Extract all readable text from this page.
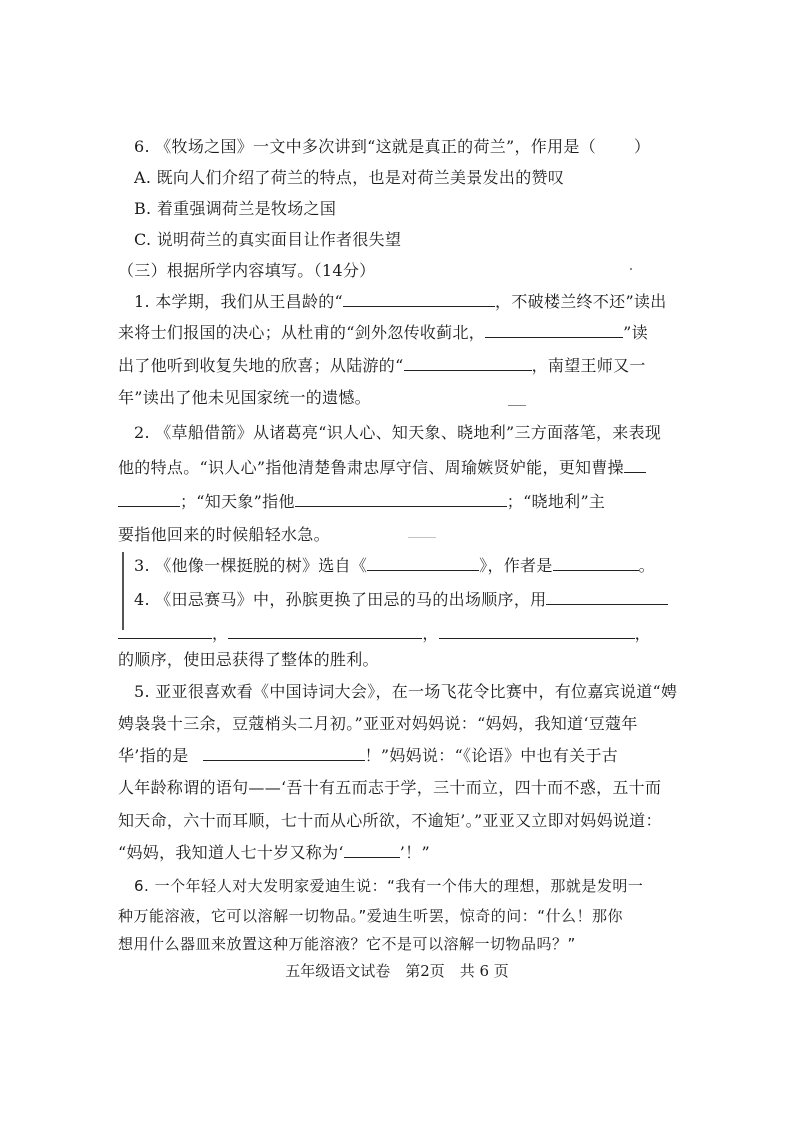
6. 《牧场之国》一文中多次讲到“这就是真正的荷兰”，作用是（ ）
A. 既向人们介绍了荷兰的特点，也是对荷兰美景发出的赞叹
B. 着重强调荷兰是牧场之国
C. 说明荷兰的真实面目让作者很失望
（三）根据所学内容填写。（14分）
1. 本学期，我们从王昌龄的“	，不破楼兰终不还”读出
来将士们报国的决心；从杜甫的“剑外忽传收蓟北，	”读
出了他听到收复失地的欣喜；从陆游的“	，南望王师又一
年”读出了他未见国家统一的遗憾。
2. 《草船借箭》从诸葛亮“识人心、知天象、晓地利”三方面落笔，来表现
他的特点。“识人心”指他清楚鲁肃忠厚守信、周瑜嫉贤妒能，更知曹操
；“知天象”指他	；“晓地利”主
要指他回来的时候船轻水急。
3. 《他像一棵挺脱的树》选自《	》，作者是	。
4. 《田忌赛马》中，孙膑更换了田忌的马的出场顺序，用
，	，	，
的顺序，使田忌获得了整体的胜利。
5. 亚亚很喜欢看《中国诗词大会》，在一场飞花令比赛中，有位嘉宾说道“娉
娉袅袅十三余，豆蔻梢头二月初。”亚亚对妈妈说：“妈妈，我知道‘豆蔻年
华’指的是	！”妈妈说：“《论语》中也有关于古
人年龄称谓的语句——‘吾十有五而志于学，三十而立，四十而不惑，五十而
知天命，六十而耳顺，七十而从心所欲，不逾矩’。”亚亚又立即对妈妈说道：
“妈妈，我知道人七十岁又称为‘	’！”
6. 一个年轻人对大发明家爱迪生说：“我有一个伟大的理想，那就是发明一
种万能溶液，它可以溶解一切物品。”爱迪生听罢，惊奇的问：“什么！那你
想用什么器皿来放置这种万能溶液？它不是可以溶解一切物品吗？”
五年级语文试卷　第2页　共 6 页
